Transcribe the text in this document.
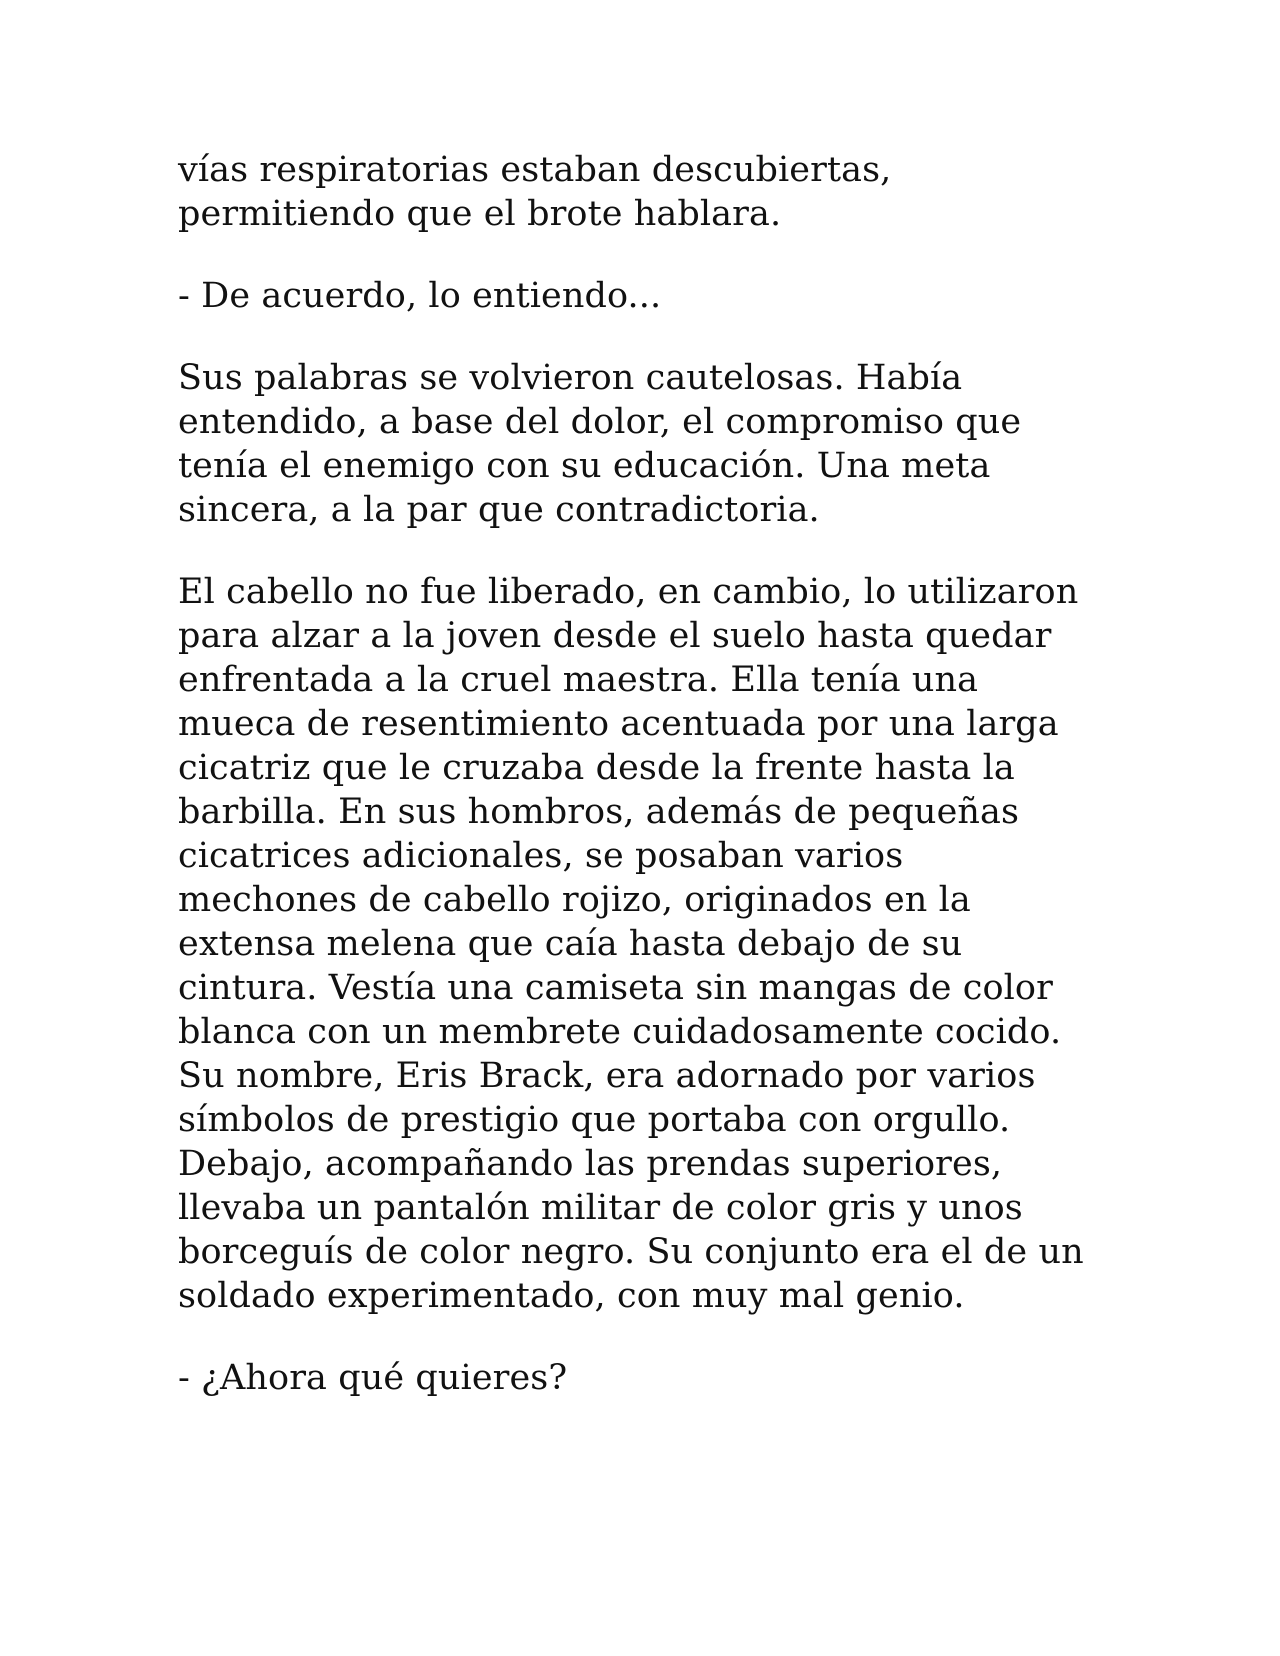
vías respiratorias estaban descubiertas,
permitiendo que el brote hablara.

- De acuerdo, lo entiendo...

Sus palabras se volvieron cautelosas. Había
entendido, a base del dolor, el compromiso que
tenía el enemigo con su educación. Una meta
sincera, a la par que contradictoria.

El cabello no fue liberado, en cambio, lo utilizaron
para alzar a la joven desde el suelo hasta quedar
enfrentada a la cruel maestra. Ella tenía una
mueca de resentimiento acentuada por una larga
cicatriz que le cruzaba desde la frente hasta la
barbilla. En sus hombros, además de pequeñas
cicatrices adicionales, se posaban varios
mechones de cabello rojizo, originados en la
extensa melena que caía hasta debajo de su
cintura. Vestía una camiseta sin mangas de color
blanca con un membrete cuidadosamente cocido.
Su nombre, Eris Brack, era adornado por varios
símbolos de prestigio que portaba con orgullo.
Debajo, acompañando las prendas superiores,
llevaba un pantalón militar de color gris y unos
borceguís de color negro. Su conjunto era el de un
soldado experimentado, con muy mal genio.

- ¿Ahora qué quieres?
